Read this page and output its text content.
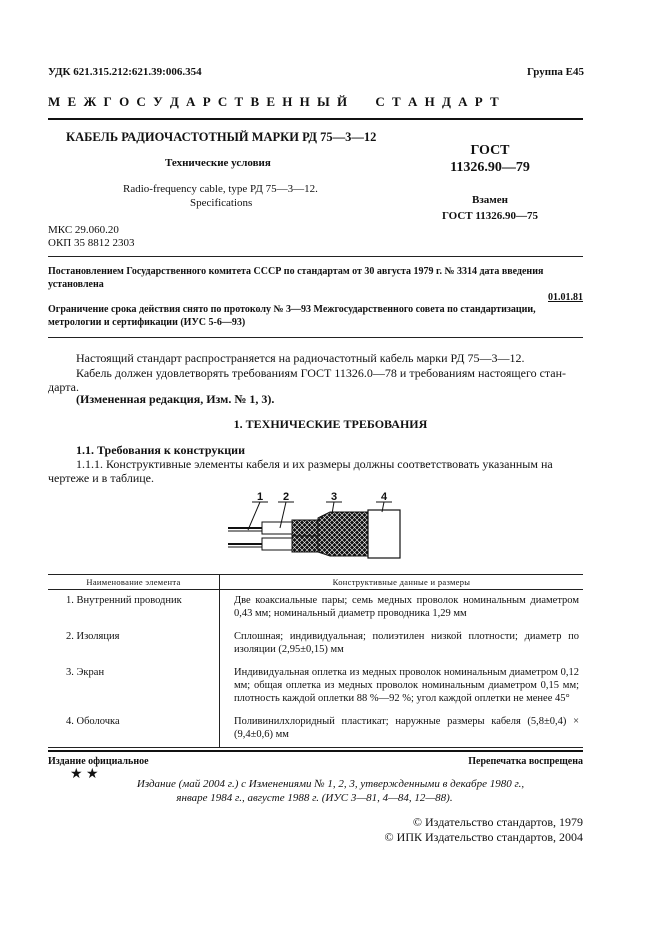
УДК 621.315.212:621.39:006.354	Группа Е45
М Е Ж Г О С У Д А Р С Т В Е Н Н Ы Й     С Т А Н Д А Р Т
КАБЕЛЬ РАДИОЧАСТОТНЫЙ МАРКИ РД 75—3—12
Технические условия
Radio-frequency cable, type РД 75—3—12.
Specifications
ГОСТ
11326.90—79
Взамен
ГОСТ 11326.90—75
МКС 29.060.20
ОКП 35 8812 2303
Постановлением Государственного комитета СССР по стандартам от 30 августа 1979 г. № 3314 дата введения
установлена
01.01.81
Ограничение срока действия снято по протоколу № 3—93 Межгосударственного совета по стандартизации,
метрологии и сертификации (ИУС 5-6—93)
Настоящий стандарт распространяется на радиочастотный кабель марки РД 75—3—12.
Кабель должен удовлетворять требованиям ГОСТ 11326.0—78 и требованиям настоящего стан-
дарта.
(Измененная редакция, Изм. № 1, 3).
1. ТЕХНИЧЕСКИЕ ТРЕБОВАНИЯ
1.1. Требования к конструкции
1.1.1. Конструктивные элементы кабеля и их размеры должны соответствовать указанным на
чертеже и в таблице.
1 2	3	4
Наименование элемента	Конструктивные данные и размеры
1. Внутренний проводник	Две коаксиальные пары; семь медных проволок номинальным диаметром 0,43 мм; номинальный диаметр проводника 1,29 мм
2. Изоляция	Сплошная; индивидуальная; полиэтилен низкой плотности; диаметр по изоляции (2,95±0,15) мм
3. Экран	Индивидуальная оплетка из медных проволок номинальным диаметром 0,12 мм; общая оплетка из медных проволок номинальным диаметром 0,15 мм; плотность каждой оплетки 88 %—92 %; угол каждой оплетки не менее 45°
4. Оболочка	Поливинилхлоридный пластикат; наружные размеры кабеля (5,8±0,4) × (9,4±0,6) мм
Издание официальное	Перепечатка воспрещена
★ ★
Издание (май 2004 г.) с Изменениями № 1, 2, 3, утвержденными в декабре 1980 г.,
январе 1984 г., августе 1988 г. (ИУС 3—81, 4—84, 12—88).
© Издательство стандартов, 1979
© ИПК Издательство стандартов, 2004
